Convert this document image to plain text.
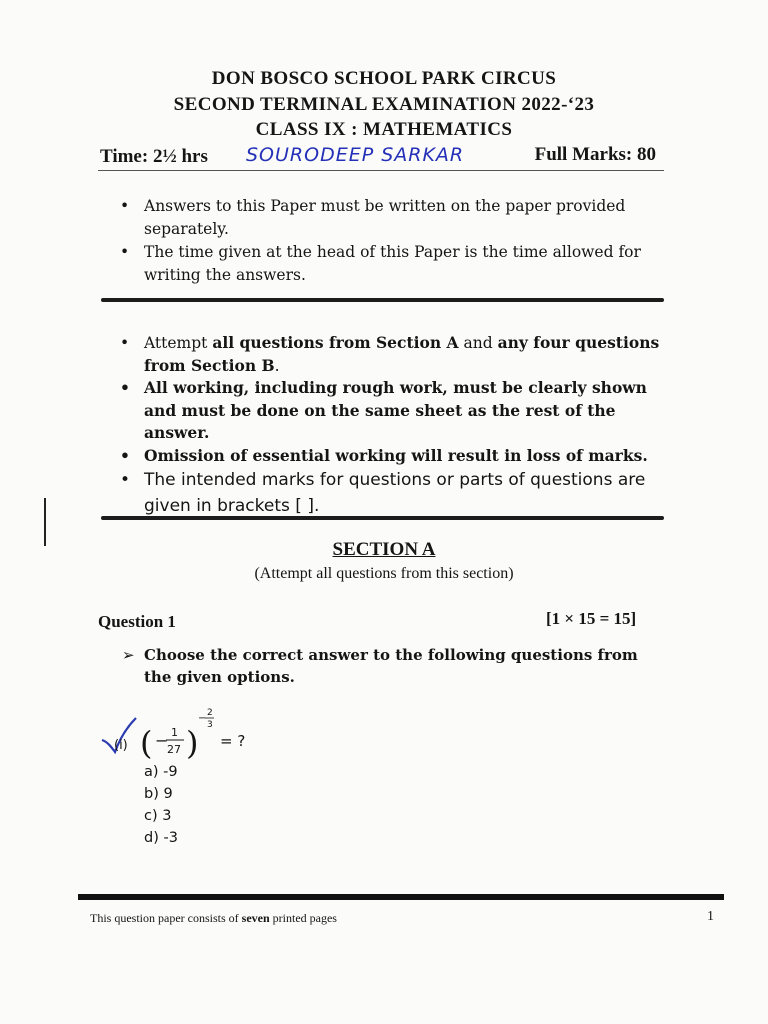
DON BOSCO SCHOOL PARK CIRCUS
SECOND TERMINAL EXAMINATION 2022-‘23
CLASS IX : MATHEMATICS
Time: 2½ hrs SOURODEEP SARKAR	Full Marks: 80
• Answers to this Paper must be written on the paper provided separately.
• The time given at the head of this Paper is the time allowed for writing the answers.
• Attempt all questions from Section A and any four questions from Section B.
• All working, including rough work, must be clearly shown and must be done on the same sheet as the rest of the answer.
• Omission of essential working will result in loss of marks.
• The intended marks for questions or parts of questions are given in brackets [ ].
SECTION A
(Attempt all questions from this section)
Question 1	[1 × 15 = 15]
➢ Choose the correct answer to the following questions from the given options.
(i) ( − 1
27 )
− 2
3
= ?
a) -9
b) 9
c) 3
d) -3
This question paper consists of seven printed pages	1
